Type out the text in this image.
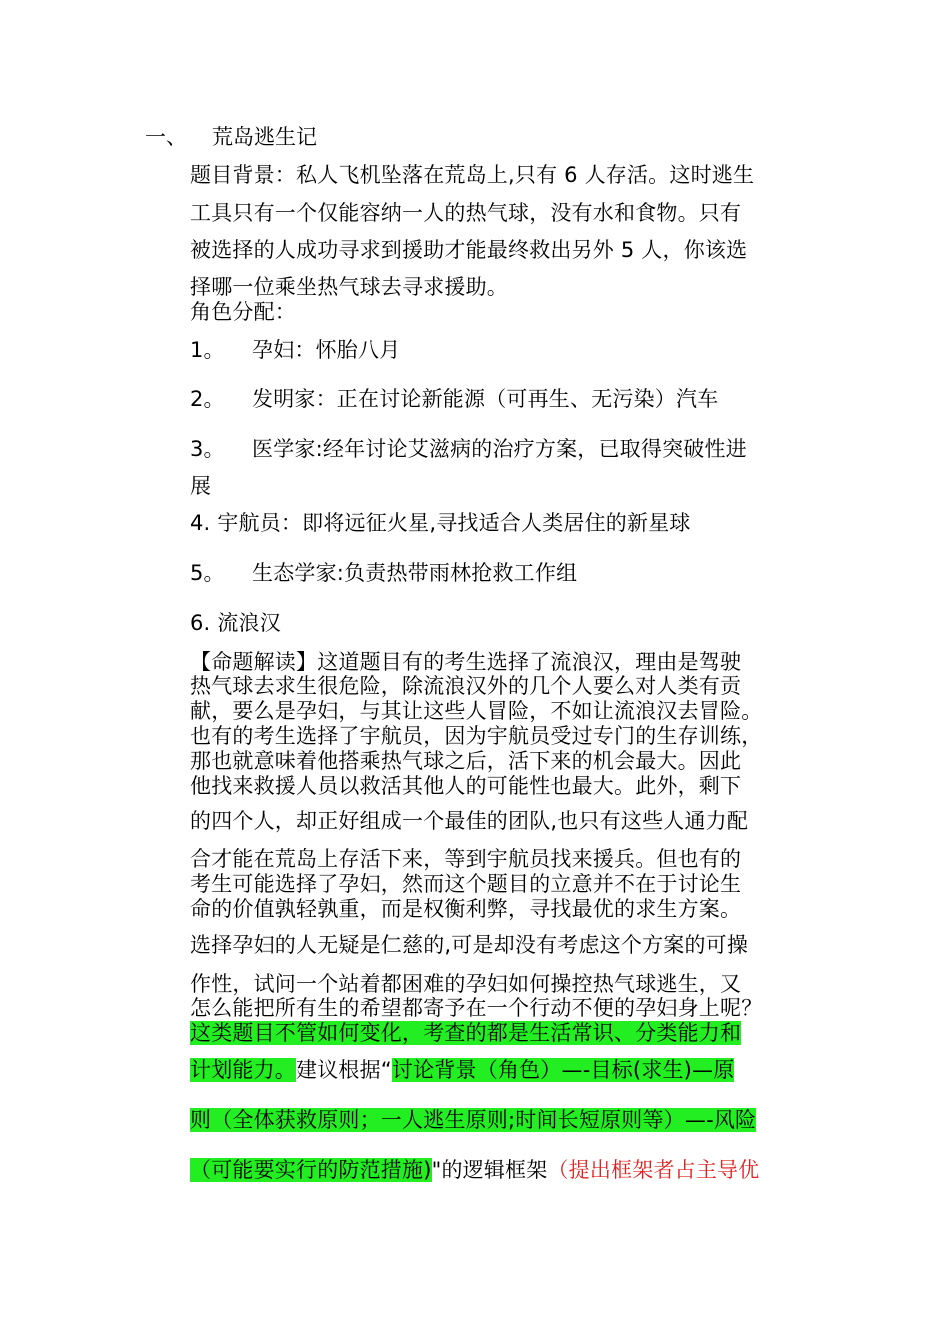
一、 荒岛逃生记
题目背景：私人飞机坠落在荒岛上,只有 6 人存活。这时逃生
工具只有一个仅能容纳一人的热气球，没有水和食物。只有
被选择的人成功寻求到援助才能最终救出另外 5 人，你该选
择哪一位乘坐热气球去寻求援助。
角色分配：
1。 孕妇：怀胎八月
2。 发明家：正在讨论新能源（可再生、无污染）汽车
3。 医学家:经年讨论艾滋病的治疗方案，已取得突破性进
展
4. 宇航员：即将远征火星,寻找适合人类居住的新星球
5。 生态学家:负责热带雨林抢救工作组
6. 流浪汉
【命题解读】这道题目有的考生选择了流浪汉，理由是驾驶
热气球去求生很危险，除流浪汉外的几个人要么对人类有贡
献，要么是孕妇，与其让这些人冒险，不如让流浪汉去冒险。
也有的考生选择了宇航员，因为宇航员受过专门的生存训练，
那也就意味着他搭乘热气球之后，活下来的机会最大。因此
他找来救援人员以救活其他人的可能性也最大。此外，剩下
的四个人，却正好组成一个最佳的团队,也只有这些人通力配
合才能在荒岛上存活下来，等到宇航员找来援兵。但也有的
考生可能选择了孕妇，然而这个题目的立意并不在于讨论生
命的价值孰轻孰重，而是权衡利弊，寻找最优的求生方案。
选择孕妇的人无疑是仁慈的,可是却没有考虑这个方案的可操
作性，试问一个站着都困难的孕妇如何操控热气球逃生，又
怎么能把所有生的希望都寄予在一个行动不便的孕妇身上呢？
这类题目不管如何变化，考查的都是生活常识、分类能力和
计划能力。建议根据“讨论背景（角色）—-目标(求生)—原
则（全体获救原则；一人逃生原则;时间长短原则等）—-风险
（可能要实行的防范措施)"的逻辑框架（提出框架者占主导优
